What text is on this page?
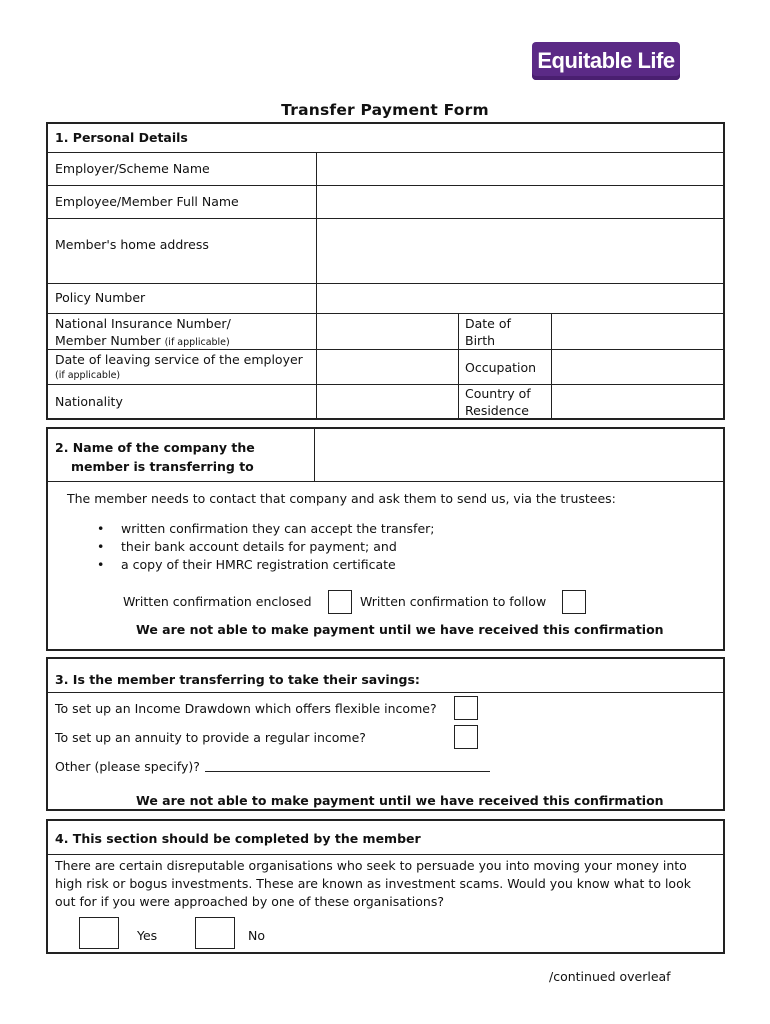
Equitable Life
Transfer Payment Form
1. Personal Details
Employer/Scheme Name
Employee/Member Full Name
Member's home address
Policy Number
National Insurance Number/
Member Number (if applicable)
Date of
Birth
Date of leaving service of the employer
(if applicable)
Occupation
Nationality
Country of
Residence
2. Name of the company the
member is transferring to
The member needs to contact that company and ask them to send us, via the trustees:
• written confirmation they can accept the transfer;
• their bank account details for payment; and
• a copy of their HMRC registration certificate
Written confirmation enclosed	Written confirmation to follow
We are not able to make payment until we have received this confirmation
3. Is the member transferring to take their savings:
To set up an Income Drawdown which offers flexible income?
To set up an annuity to provide a regular income?
Other (please specify)?
We are not able to make payment until we have received this confirmation
4. This section should be completed by the member
There are certain disreputable organisations who seek to persuade you into moving your money into
high risk or bogus investments. These are known as investment scams. Would you know what to look
out for if you were approached by one of these organisations?
Yes	No
/continued overleaf
